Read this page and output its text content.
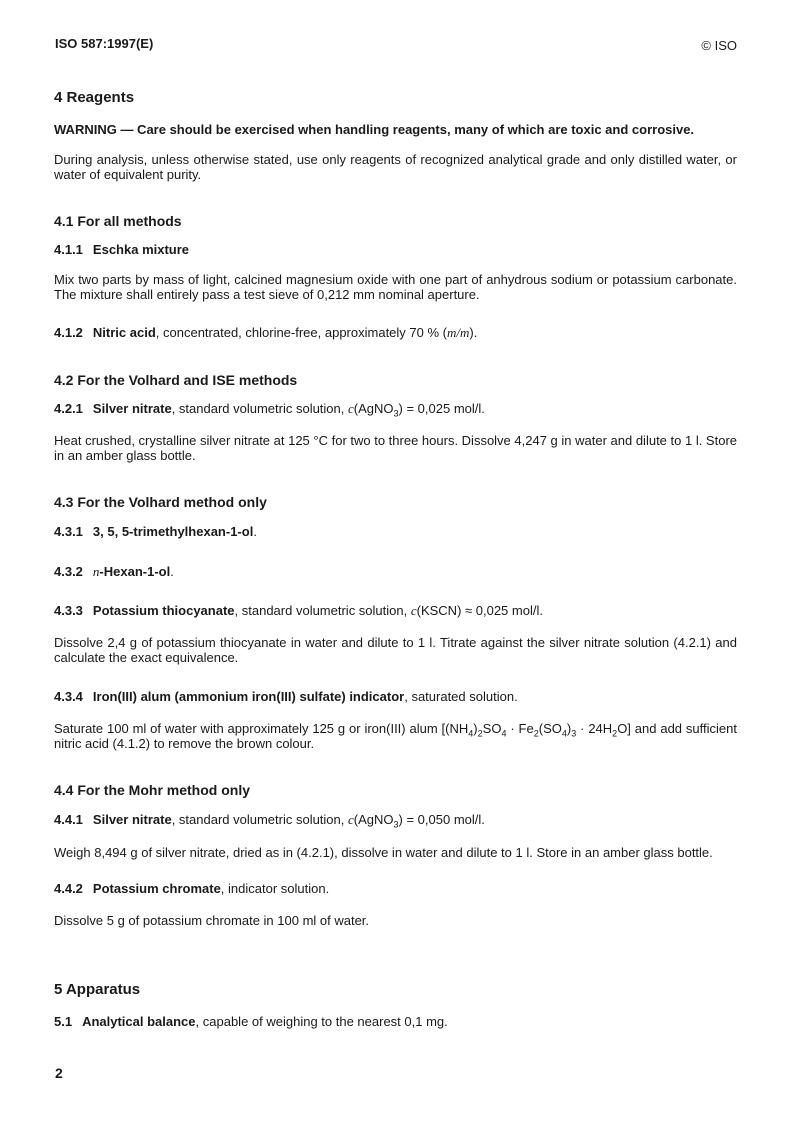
ISO 587:1997(E)	© ISO
4 Reagents
WARNING — Care should be exercised when handling reagents, many of which are toxic and corrosive.

During analysis, unless otherwise stated, use only reagents of recognized analytical grade and only distilled water, or water of equivalent purity.

4.1 For all methods
4.1.1 Eschka mixture

Mix two parts by mass of light, calcined magnesium oxide with one part of anhydrous sodium or potassium carbonate. The mixture shall entirely pass a test sieve of 0,212 mm nominal aperture.

4.1.2 Nitric acid, concentrated, chlorine-free, approximately 70 % (m/m).
4.2 For the Volhard and ISE methods
4.2.1 Silver nitrate, standard volumetric solution, c(AgNO$_3$) = 0,025 mol/l.

Heat crushed, crystalline silver nitrate at 125 °C for two to three hours. Dissolve 4,247 g in water and dilute to 1 l. Store in an amber glass bottle.

4.3 For the Volhard method only
4.3.1 3, 5, 5-trimethylhexan-1-ol.
4.3.2 n-Hexan-1-ol.
4.3.3 Potassium thiocyanate, standard volumetric solution, c(KSCN) ≈ 0,025 mol/l.

Dissolve 2,4 g of potassium thiocyanate in water and dilute to 1 l. Titrate against the silver nitrate solution (4.2.1) and calculate the exact equivalence.

4.3.4 Iron(III) alum (ammonium iron(III) sulfate) indicator, saturated solution.

Saturate 100 ml of water with approximately 125 g or iron(III) alum $[(NH_4)_2SO_4 \cdot Fe_2(SO_4)_3 \cdot 24H_2O]$ and add sufficient nitric acid (4.1.2) to remove the brown colour.

4.4 For the Mohr method only
4.4.1 Silver nitrate, standard volumetric solution, c(AgNO$_3$) = 0,050 mol/l.

Weigh 8,494 g of silver nitrate, dried as in (4.2.1), dissolve in water and dilute to 1 l. Store in an amber glass bottle.

4.4.2 Potassium chromate, indicator solution.

Dissolve 5 g of potassium chromate in 100 ml of water.

5 Apparatus
5.1 Analytical balance, capable of weighing to the nearest 0,1 mg.
2
